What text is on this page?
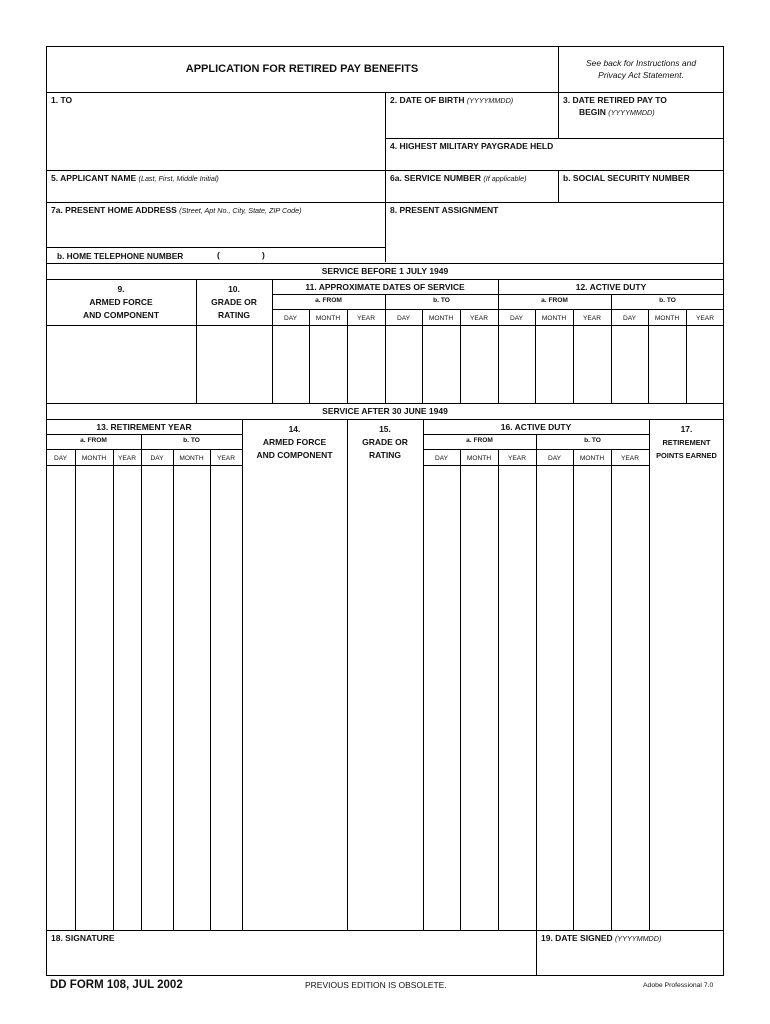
APPLICATION FOR RETIRED PAY BENEFITS	See back for Instructions and
Privacy Act Statement.
1. TO	2. DATE OF BIRTH (YYYYMMDD)	3. DATE RETIRED PAY TO
BEGIN (YYYYMMDD)
4. HIGHEST MILITARY PAYGRADE HELD
5. APPLICANT NAME (Last, First, Middle Initial)	6a. SERVICE NUMBER (If applicable)	b. SOCIAL SECURITY NUMBER
7a. PRESENT HOME ADDRESS (Street, Apt No., City, State, ZIP Code)	8. PRESENT ASSIGNMENT
b. HOME TELEPHONE NUMBER	(	)
SERVICE BEFORE 1 JULY 1949
9.
ARMED FORCE
AND COMPONENT
10.
GRADE OR
RATING
11. APPROXIMATE DATES OF SERVICE	12. ACTIVE DUTY
a. FROM	b. TO	a. FROM	b. TO
DAY	MONTH	YEAR	DAY	MONTH	YEAR	DAY	MONTH	YEAR	DAY	MONTH	YEAR
SERVICE AFTER 30 JUNE 1949
13. RETIREMENT YEAR	16. ACTIVE DUTY
14.
ARMED FORCE
AND COMPONENT
15.
GRADE OR
RATING
17.
RETIREMENT
POINTS EARNED
a. FROM	b. TO	a. FROM	b. TO
DAY	MONTH	YEAR	DAY	MONTH	YEAR	DAY	MONTH	YEAR	DAY	MONTH	YEAR
18. SIGNATURE	19. DATE SIGNED (YYYYMMDD)
DD FORM 108, JUL 2002	PREVIOUS EDITION IS OBSOLETE.	Adobe Professional 7.0
